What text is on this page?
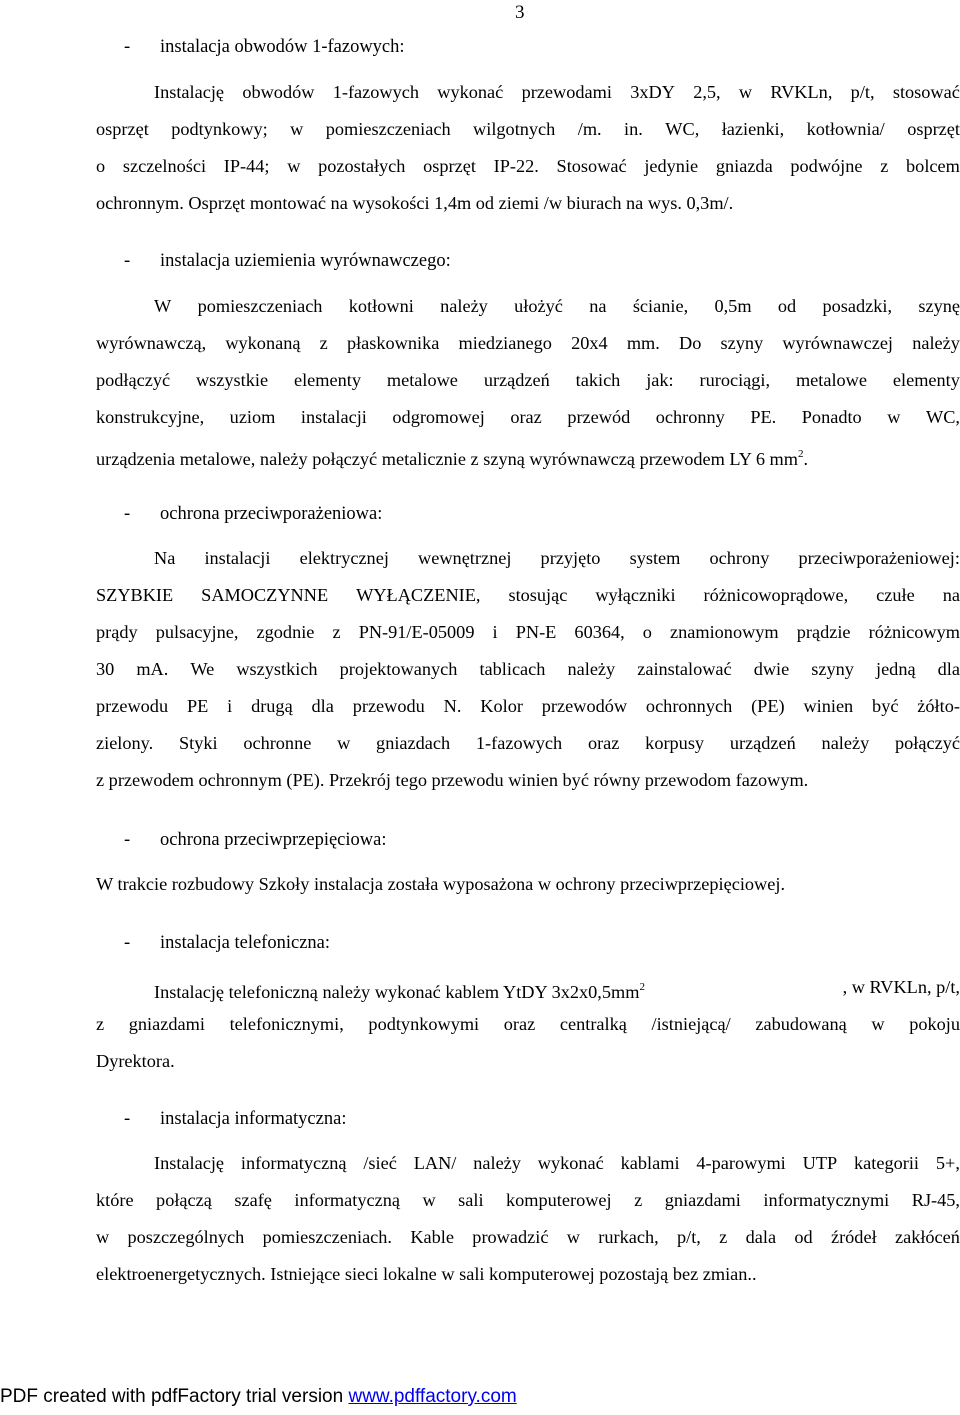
3
- instalacja obwodów 1-fazowych:
Instalację obwodów 1-fazowych wykonać przewodami 3xDY 2,5, w RVKLn, p/t, stosować
osprzęt podtynkowy; w pomieszczeniach wilgotnych /m. in. WC, łazienki, kotłownia/ osprzęt
o szczelności IP-44; w pozostałych osprzęt IP-22. Stosować jedynie gniazda podwójne z bolcem
ochronnym. Osprzęt montować na wysokości 1,4m od ziemi /w biurach na wys. 0,3m/.
- instalacja uziemienia wyrównawczego:
W pomieszczeniach kotłowni należy ułożyć na ścianie, 0,5m od posadzki, szynę
wyrównawczą, wykonaną z płaskownika miedzianego 20x4 mm. Do szyny wyrównawczej należy
podłączyć wszystkie elementy metalowe urządzeń takich jak: rurociągi, metalowe elementy
konstrukcyjne, uziom instalacji odgromowej oraz przewód ochronny PE. Ponadto w WC,
urządzenia metalowe, należy połączyć metalicznie z szyną wyrównawczą przewodem LY 6 $mm^2$.
- ochrona przeciwporażeniowa:
Na instalacji elektrycznej wewnętrznej przyjęto system ochrony przeciwporażeniowej:
SZYBKIE SAMOCZYNNE WYŁĄCZENIE, stosując wyłączniki różnicowoprądowe, czułe na
prądy pulsacyjne, zgodnie z PN-91/E-05009 i PN-E 60364, o znamionowym prądzie różnicowym
30 mA. We wszystkich projektowanych tablicach należy zainstalować dwie szyny jedną dla
przewodu PE i drugą dla przewodu N. Kolor przewodów ochronnych (PE) winien być żółto-
zielony. Styki ochronne w gniazdach 1-fazowych oraz korpusy urządzeń należy połączyć
z przewodem ochronnym (PE). Przekrój tego przewodu winien być równy przewodom fazowym.
- ochrona przeciwprzepięciowa:
W trakcie rozbudowy Szkoły instalacja została wyposażona w ochrony przeciwprzepięciowej.
- instalacja telefoniczna:
Instalację telefoniczną należy wykonać kablem YtDY $3x2x0,5mm^2$	, w RVKLn, p/t,
z gniazdami telefonicznymi, podtynkowymi oraz centralką /istniejącą/ zabudowaną w pokoju
Dyrektora.
- instalacja informatyczna:
Instalację informatyczną /sieć LAN/ należy wykonać kablami 4-parowymi UTP kategorii 5+,
które połączą szafę informatyczną w sali komputerowej z gniazdami informatycznymi RJ-45,
w poszczególnych pomieszczeniach. Kable prowadzić w rurkach, p/t, z dala od źródeł zakłóceń
elektroenergetycznych. Istniejące sieci lokalne w sali komputerowej pozostają bez zmian..
PDF created with pdfFactory trial version www.pdffactory.com
